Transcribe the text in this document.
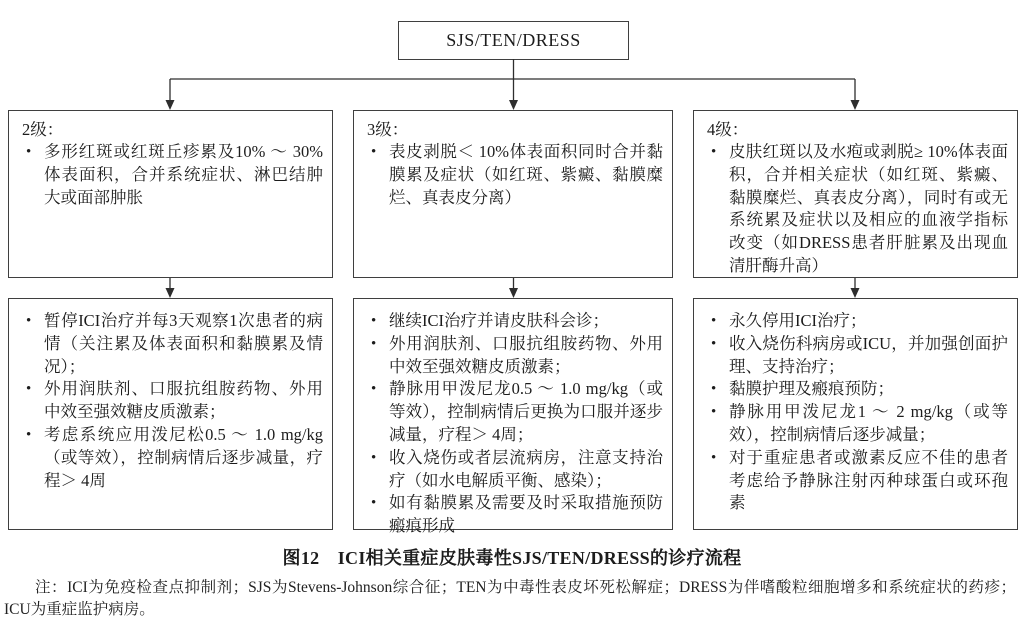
SJS/TEN/DRESS
2级：
• 多形红斑或红斑丘疹累及10% ～ 30%体表面积，合并系统症状、淋巴结肿大或面部肿胀
3级：
• 表皮剥脱＜ 10%体表面积同时合并黏膜累及症状（如红斑、紫癜、黏膜糜烂、真表皮分离）
4级：
• 皮肤红斑以及水疱或剥脱≥ 10%体表面积，合并相关症状（如红斑、紫癜、黏膜糜烂、真表皮分离），同时有或无系统累及症状以及相应的血液学指标改变（如DRESS患者肝脏累及出现血清肝酶升高）
• 暂停ICI治疗并每3天观察1次患者的病情（关注累及体表面积和黏膜累及情况）；
• 外用润肤剂、口服抗组胺药物、外用中效至强效糖皮质激素；
• 考虑系统应用泼尼松0.5 ～ 1.0 mg/kg（或等效），控制病情后逐步减量，疗程＞ 4周
• 继续ICI治疗并请皮肤科会诊；
• 外用润肤剂、口服抗组胺药物、外用中效至强效糖皮质激素；
• 静脉用甲泼尼龙0.5 ～ 1.0 mg/kg（或等效），控制病情后更换为口服并逐步减量，疗程＞ 4周；
• 收入烧伤或者层流病房，注意支持治疗（如水电解质平衡、感染）；
• 如有黏膜累及需要及时采取措施预防瘢痕形成
• 永久停用ICI治疗；
• 收入烧伤科病房或ICU，并加强创面护理、支持治疗；
• 黏膜护理及瘢痕预防；
• 静脉用甲泼尼龙1 ～ 2 mg/kg（或等效），控制病情后逐步减量；
• 对于重症患者或激素反应不佳的患者考虑给予静脉注射丙种球蛋白或环孢素
图12　ICI相关重症皮肤毒性SJS/TEN/DRESS的诊疗流程
注：ICI为免疫检查点抑制剂；SJS为Stevens-Johnson综合征；TEN为中毒性表皮坏死松解症；DRESS为伴嗜酸粒细胞增多和系统症状的药疹；ICU为重症监护病房。
